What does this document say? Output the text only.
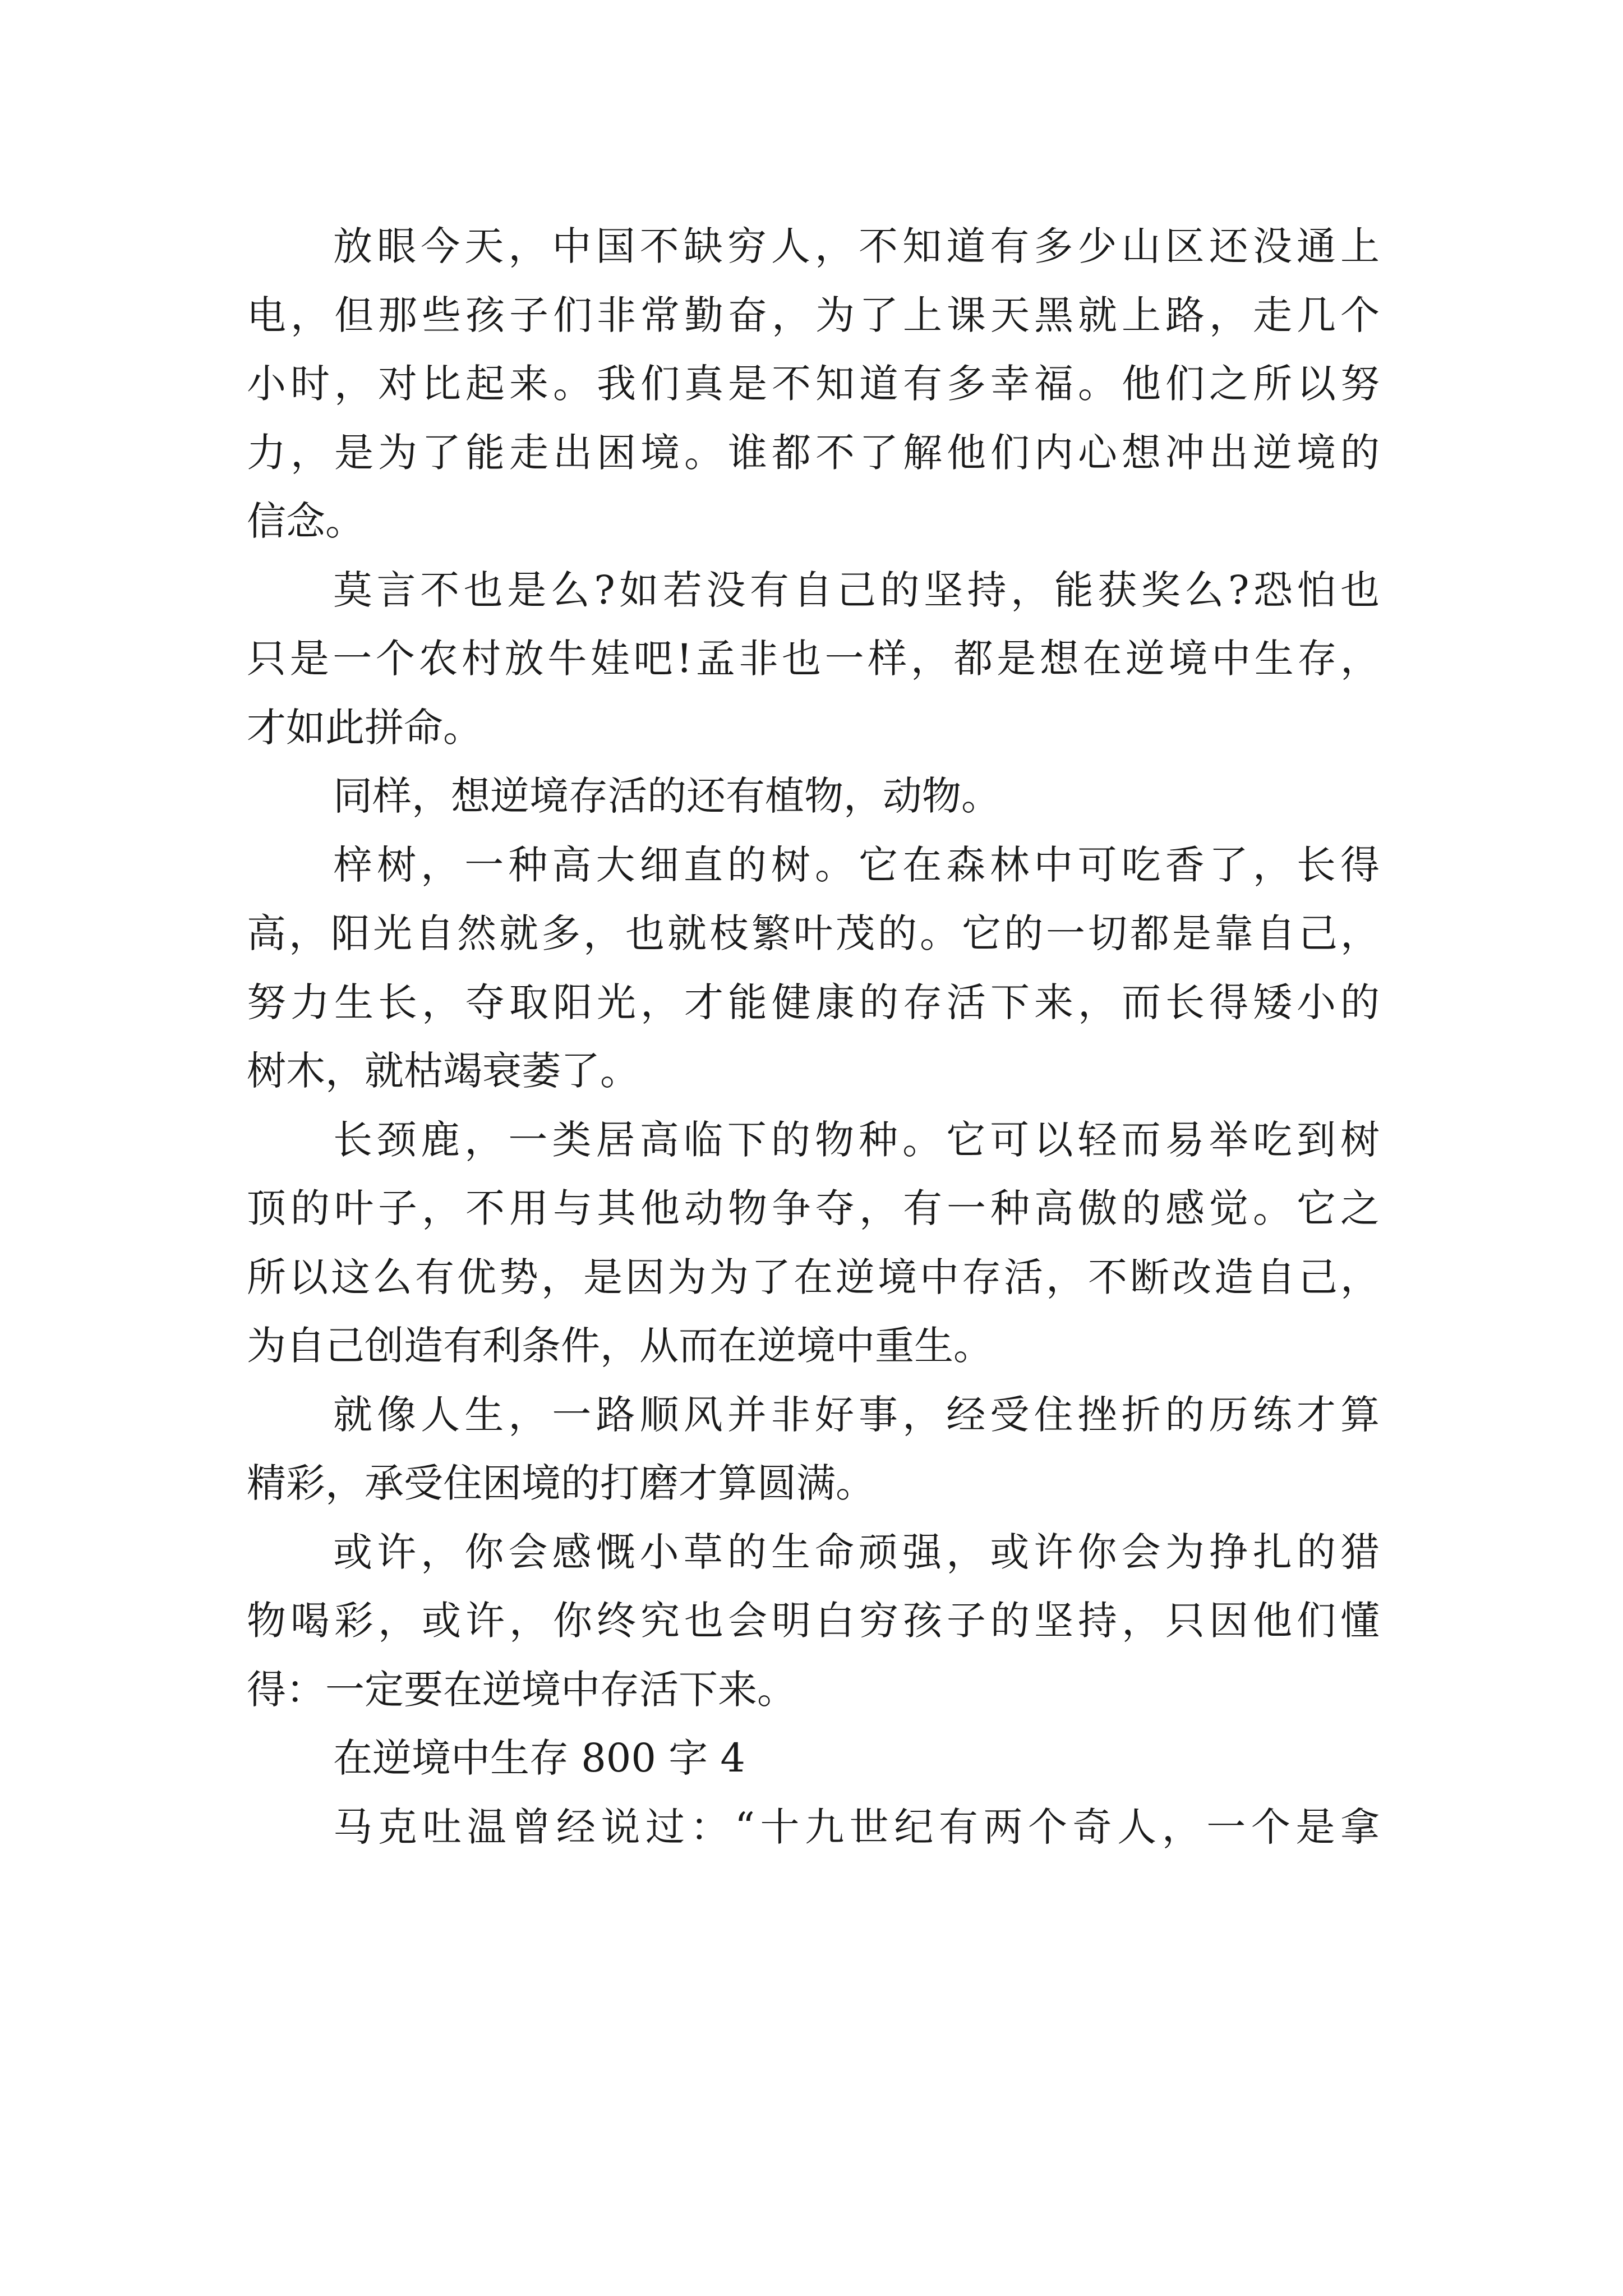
放眼今天，中国不缺穷人，不知道有多少山区还没通上
电，但那些孩子们非常勤奋，为了上课天黑就上路，走几个
小时，对比起来。我们真是不知道有多幸福。他们之所以努
力，是为了能走出困境。谁都不了解他们内心想冲出逆境的
信念。
莫言不也是么?如若没有自己的坚持，能获奖么?恐怕也
只是一个农村放牛娃吧!孟非也一样，都是想在逆境中生存，
才如此拼命。
同样，想逆境存活的还有植物，动物。
梓树，一种高大细直的树。它在森林中可吃香了，长得
高，阳光自然就多，也就枝繁叶茂的。它的一切都是靠自己，
努力生长，夺取阳光，才能健康的存活下来，而长得矮小的
树木，就枯竭衰萎了。
长颈鹿，一类居高临下的物种。它可以轻而易举吃到树
顶的叶子，不用与其他动物争夺，有一种高傲的感觉。它之
所以这么有优势，是因为为了在逆境中存活，不断改造自己，
为自己创造有利条件，从而在逆境中重生。
就像人生，一路顺风并非好事，经受住挫折的历练才算
精彩，承受住困境的打磨才算圆满。
或许，你会感慨小草的生命顽强，或许你会为挣扎的猎
物喝彩，或许，你终究也会明白穷孩子的坚持，只因他们懂
得：一定要在逆境中存活下来。
在逆境中生存 800 字 4
马克吐温曾经说过：“十九世纪有两个奇人，一个是拿
